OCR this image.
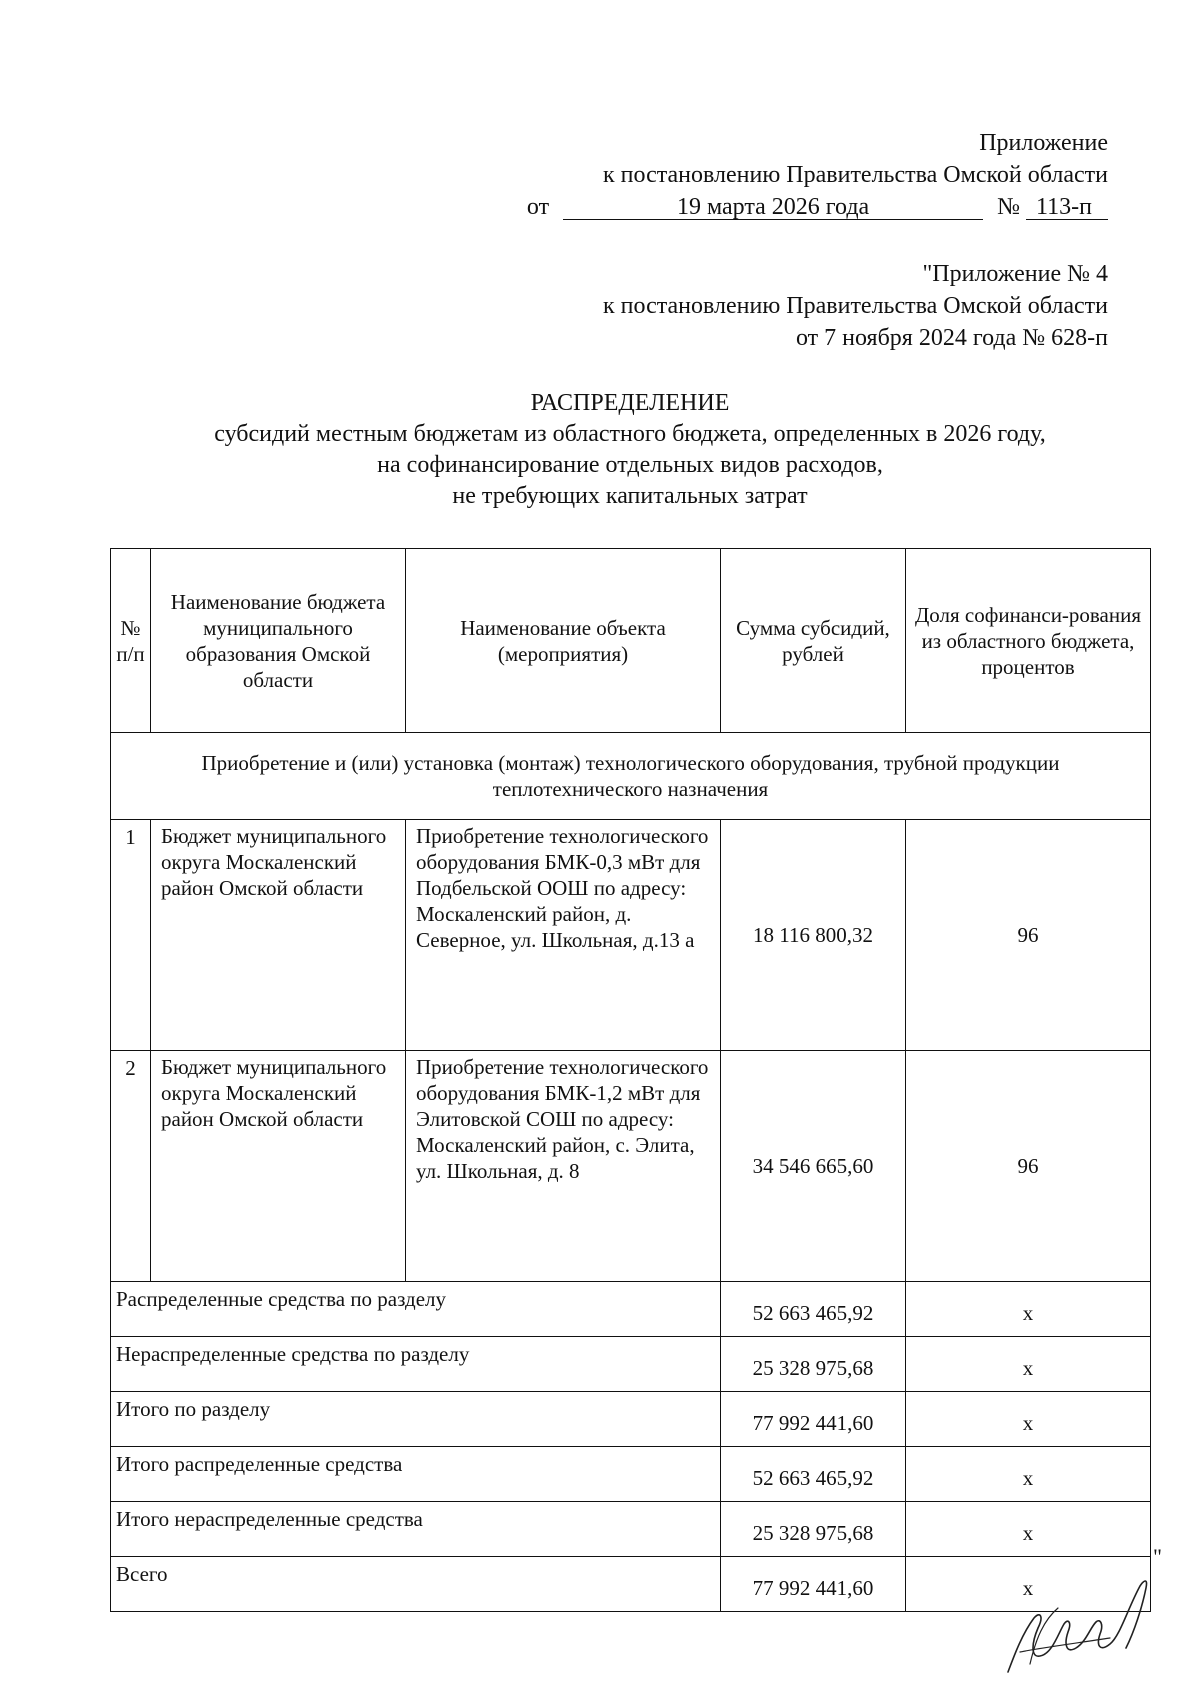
Приложение
к постановлению Правительства Омской области
от	19 марта 2026 года	№ 113-п
"Приложение № 4
к постановлению Правительства Омской области
от 7 ноября 2024 года № 628-п
РАСПРЕДЕЛЕНИЕ
субсидий местным бюджетам из областного бюджета, определенных в 2026 году,
на софинансирование отдельных видов расходов,
не требующих капитальных затрат
№ п/п	Наименование бюджета муниципального образования Омской области	Наименование объекта (мероприятия)	Сумма субсидий, рублей	Доля софинанси-рования из областного бюджета, процентов
Приобретение и (или) установка (монтаж) технологического оборудования, трубной продукции теплотехнического назначения				
1	Бюджет муниципального округа Москаленский район Омской области	Приобретение технологического оборудования БМК-0,3 мВт для Подбельской ООШ по адресу: Москаленский район, д. Северное, ул. Школьная, д.13 а	18 116 800,32	96
2	Бюджет муниципального округа Москаленский район Омской области	Приобретение технологического оборудования БМК-1,2 мВт для Элитовской СОШ по адресу: Москаленский район, с. Элита, ул. Школьная, д. 8	34 546 665,60	96
Распределенные средства по разделу			52 663 465,92	х
Нераспределенные средства по разделу			25 328 975,68	х
Итого по разделу			77 992 441,60	х
Итого распределенные средства			52 663 465,92	х
Итого нераспределенные средства			25 328 975,68	х
Всего			77 992 441,60	х
"
